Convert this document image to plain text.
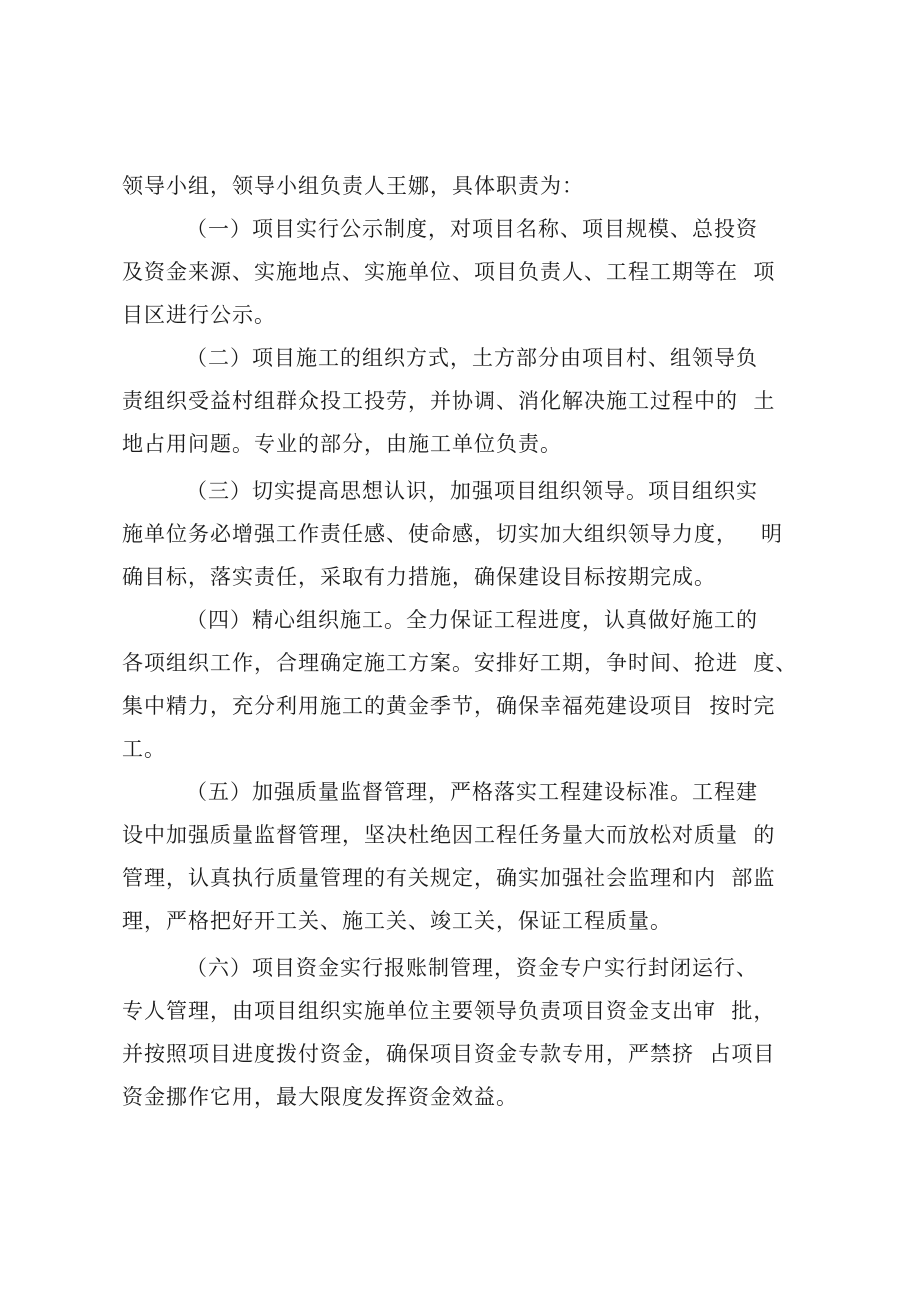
领导小组，领导小组负责人王娜，具体职责为：
（一）项目实行公示制度，对项目名称、项目规模、总投资
及资金来源、实施地点、实施单位、项目负责人、工程工期等在  项
目区进行公示。
（二）项目施工的组织方式，土方部分由项目村、组领导负
责组织受益村组群众投工投劳，并协调、消化解决施工过程中的  土
地占用问题。专业的部分，由施工单位负责。
（三）切实提高思想认识，加强项目组织领导。项目组织实
施单位务必增强工作责任感、使命感，切实加大组织领导力度，   明
确目标，落实责任，采取有力措施，确保建设目标按期完成。
（四）精心组织施工。全力保证工程进度，认真做好施工的
各项组织工作，合理确定施工方案。安排好工期，争时间、抢进  度、
集中精力，充分利用施工的黄金季节，确保幸福苑建设项目  按时完
工。
（五）加强质量监督管理，严格落实工程建设标准。工程建
设中加强质量监督管理，坚决杜绝因工程任务量大而放松对质量  的
管理，认真执行质量管理的有关规定，确实加强社会监理和内  部监
理，严格把好开工关、施工关、竣工关，保证工程质量。
（六）项目资金实行报账制管理，资金专户实行封闭运行、
专人管理，由项目组织实施单位主要领导负责项目资金支出审  批，
并按照项目进度拨付资金，确保项目资金专款专用，严禁挤  占项目
资金挪作它用，最大限度发挥资金效益。
